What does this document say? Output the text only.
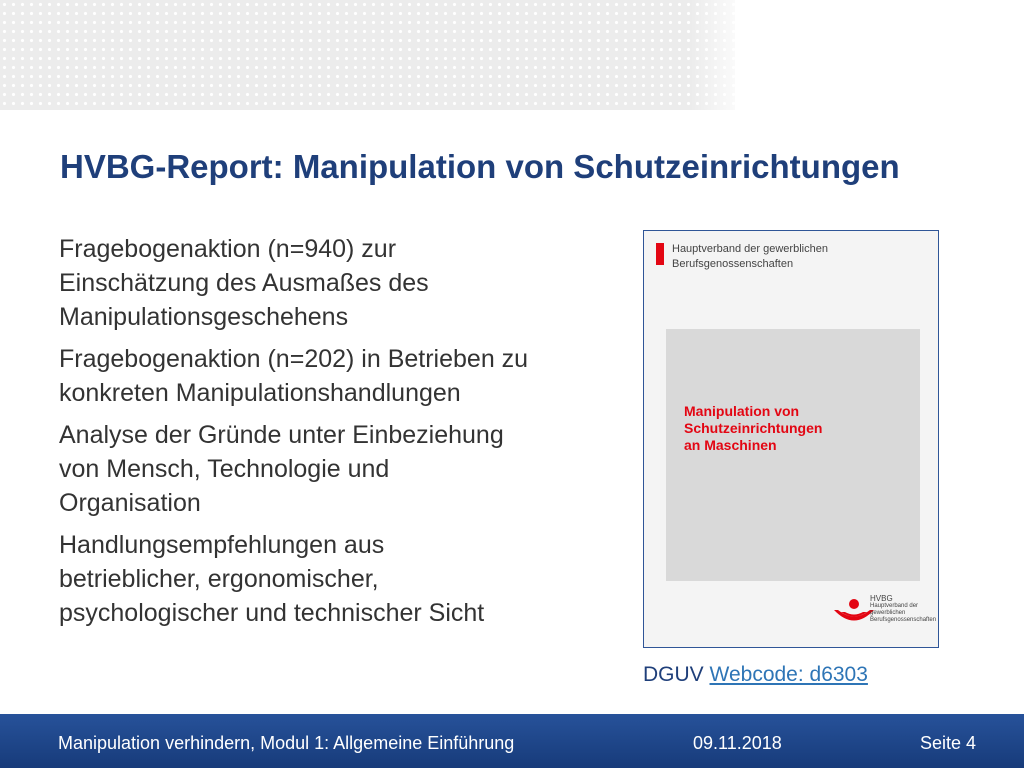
HVBG-Report: Manipulation von Schutzeinrichtungen
Fragebogenaktion (n=940) zur Einschätzung des Ausmaßes des Manipulationsgeschehens
Fragebogenaktion (n=202) in Betrieben zu konkreten Manipulationshandlungen
Analyse der Gründe unter Einbeziehung von Mensch, Technologie und Organisation
Handlungsempfehlungen aus betrieblicher, ergonomischer, psychologischer und technischer Sicht
Hauptverband der gewerblichen
Berufsgenossenschaften
Manipulation von
Schutzeinrichtungen
an Maschinen
HVBG
Hauptverband der
gewerblichen
Berufsgenossenschaften
DGUV Webcode: d6303
Manipulation verhindern, Modul 1: Allgemeine Einführung	09.11.2018	Seite 4
